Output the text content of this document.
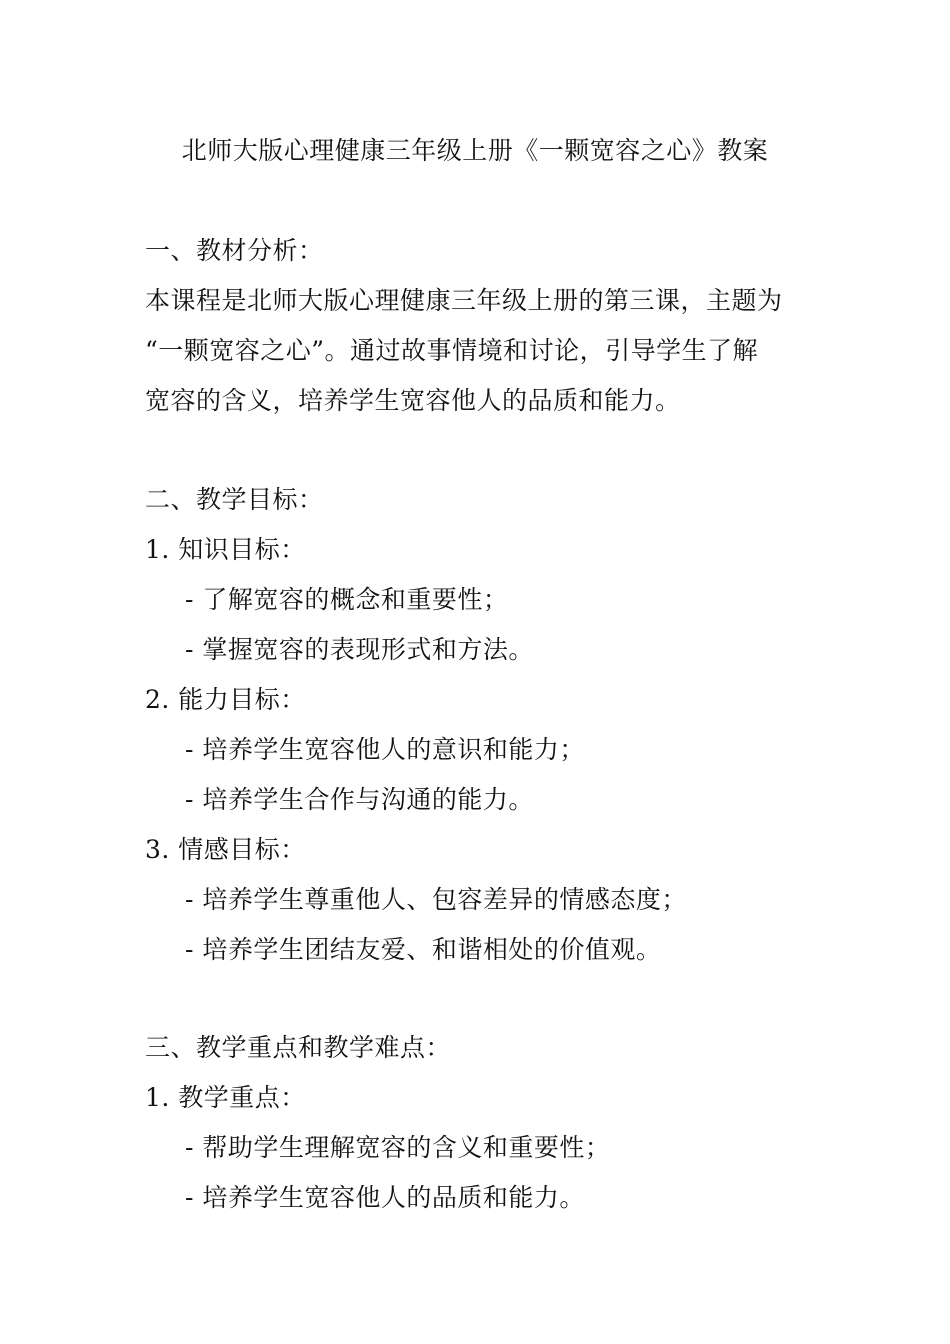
北师大版心理健康三年级上册《一颗宽容之心》教案
一、教材分析：
本课程是北师大版心理健康三年级上册的第三课，主题为
“一颗宽容之心”。通过故事情境和讨论，引导学生了解
宽容的含义，培养学生宽容他人的品质和能力。
二、教学目标：
1. 知识目标：
- 了解宽容的概念和重要性；
- 掌握宽容的表现形式和方法。
2. 能力目标：
- 培养学生宽容他人的意识和能力；
- 培养学生合作与沟通的能力。
3. 情感目标：
- 培养学生尊重他人、包容差异的情感态度；
- 培养学生团结友爱、和谐相处的价值观。
三、教学重点和教学难点：
1. 教学重点：
- 帮助学生理解宽容的含义和重要性；
- 培养学生宽容他人的品质和能力。
